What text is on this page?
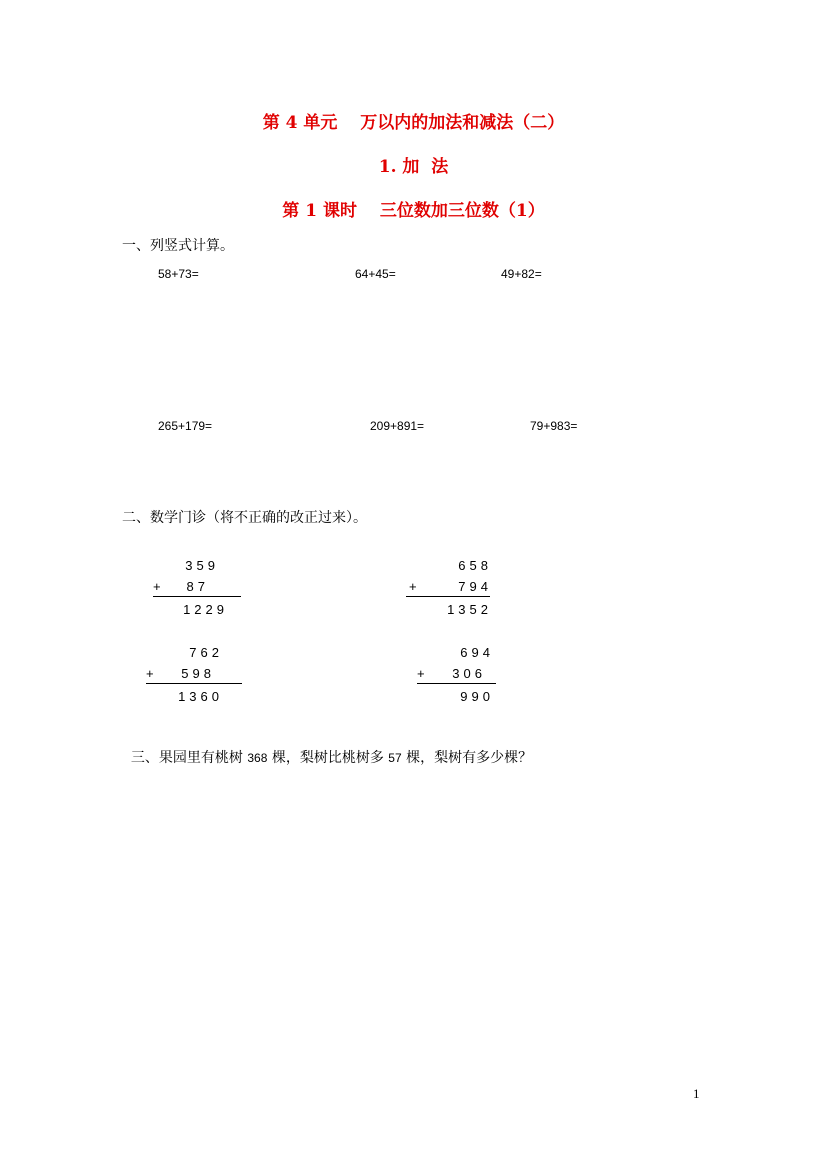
第 4 单元　 万以内的加法和减法（二）
1. 加  法
第 1 课时　 三位数加三位数（1）
一、列竖式计算。
58+73=	64+45=	49+82=
265+179=	209+891=	79+983=
二、数学门诊（将不正确的改正过来）。
359
+ 87
1229
658
+	794
1352
762
+ 598
1360
694
+ 306
990

三、果园里有桃树 368 棵，梨树比桃树多 57 棵，梨树有多少棵？

1
